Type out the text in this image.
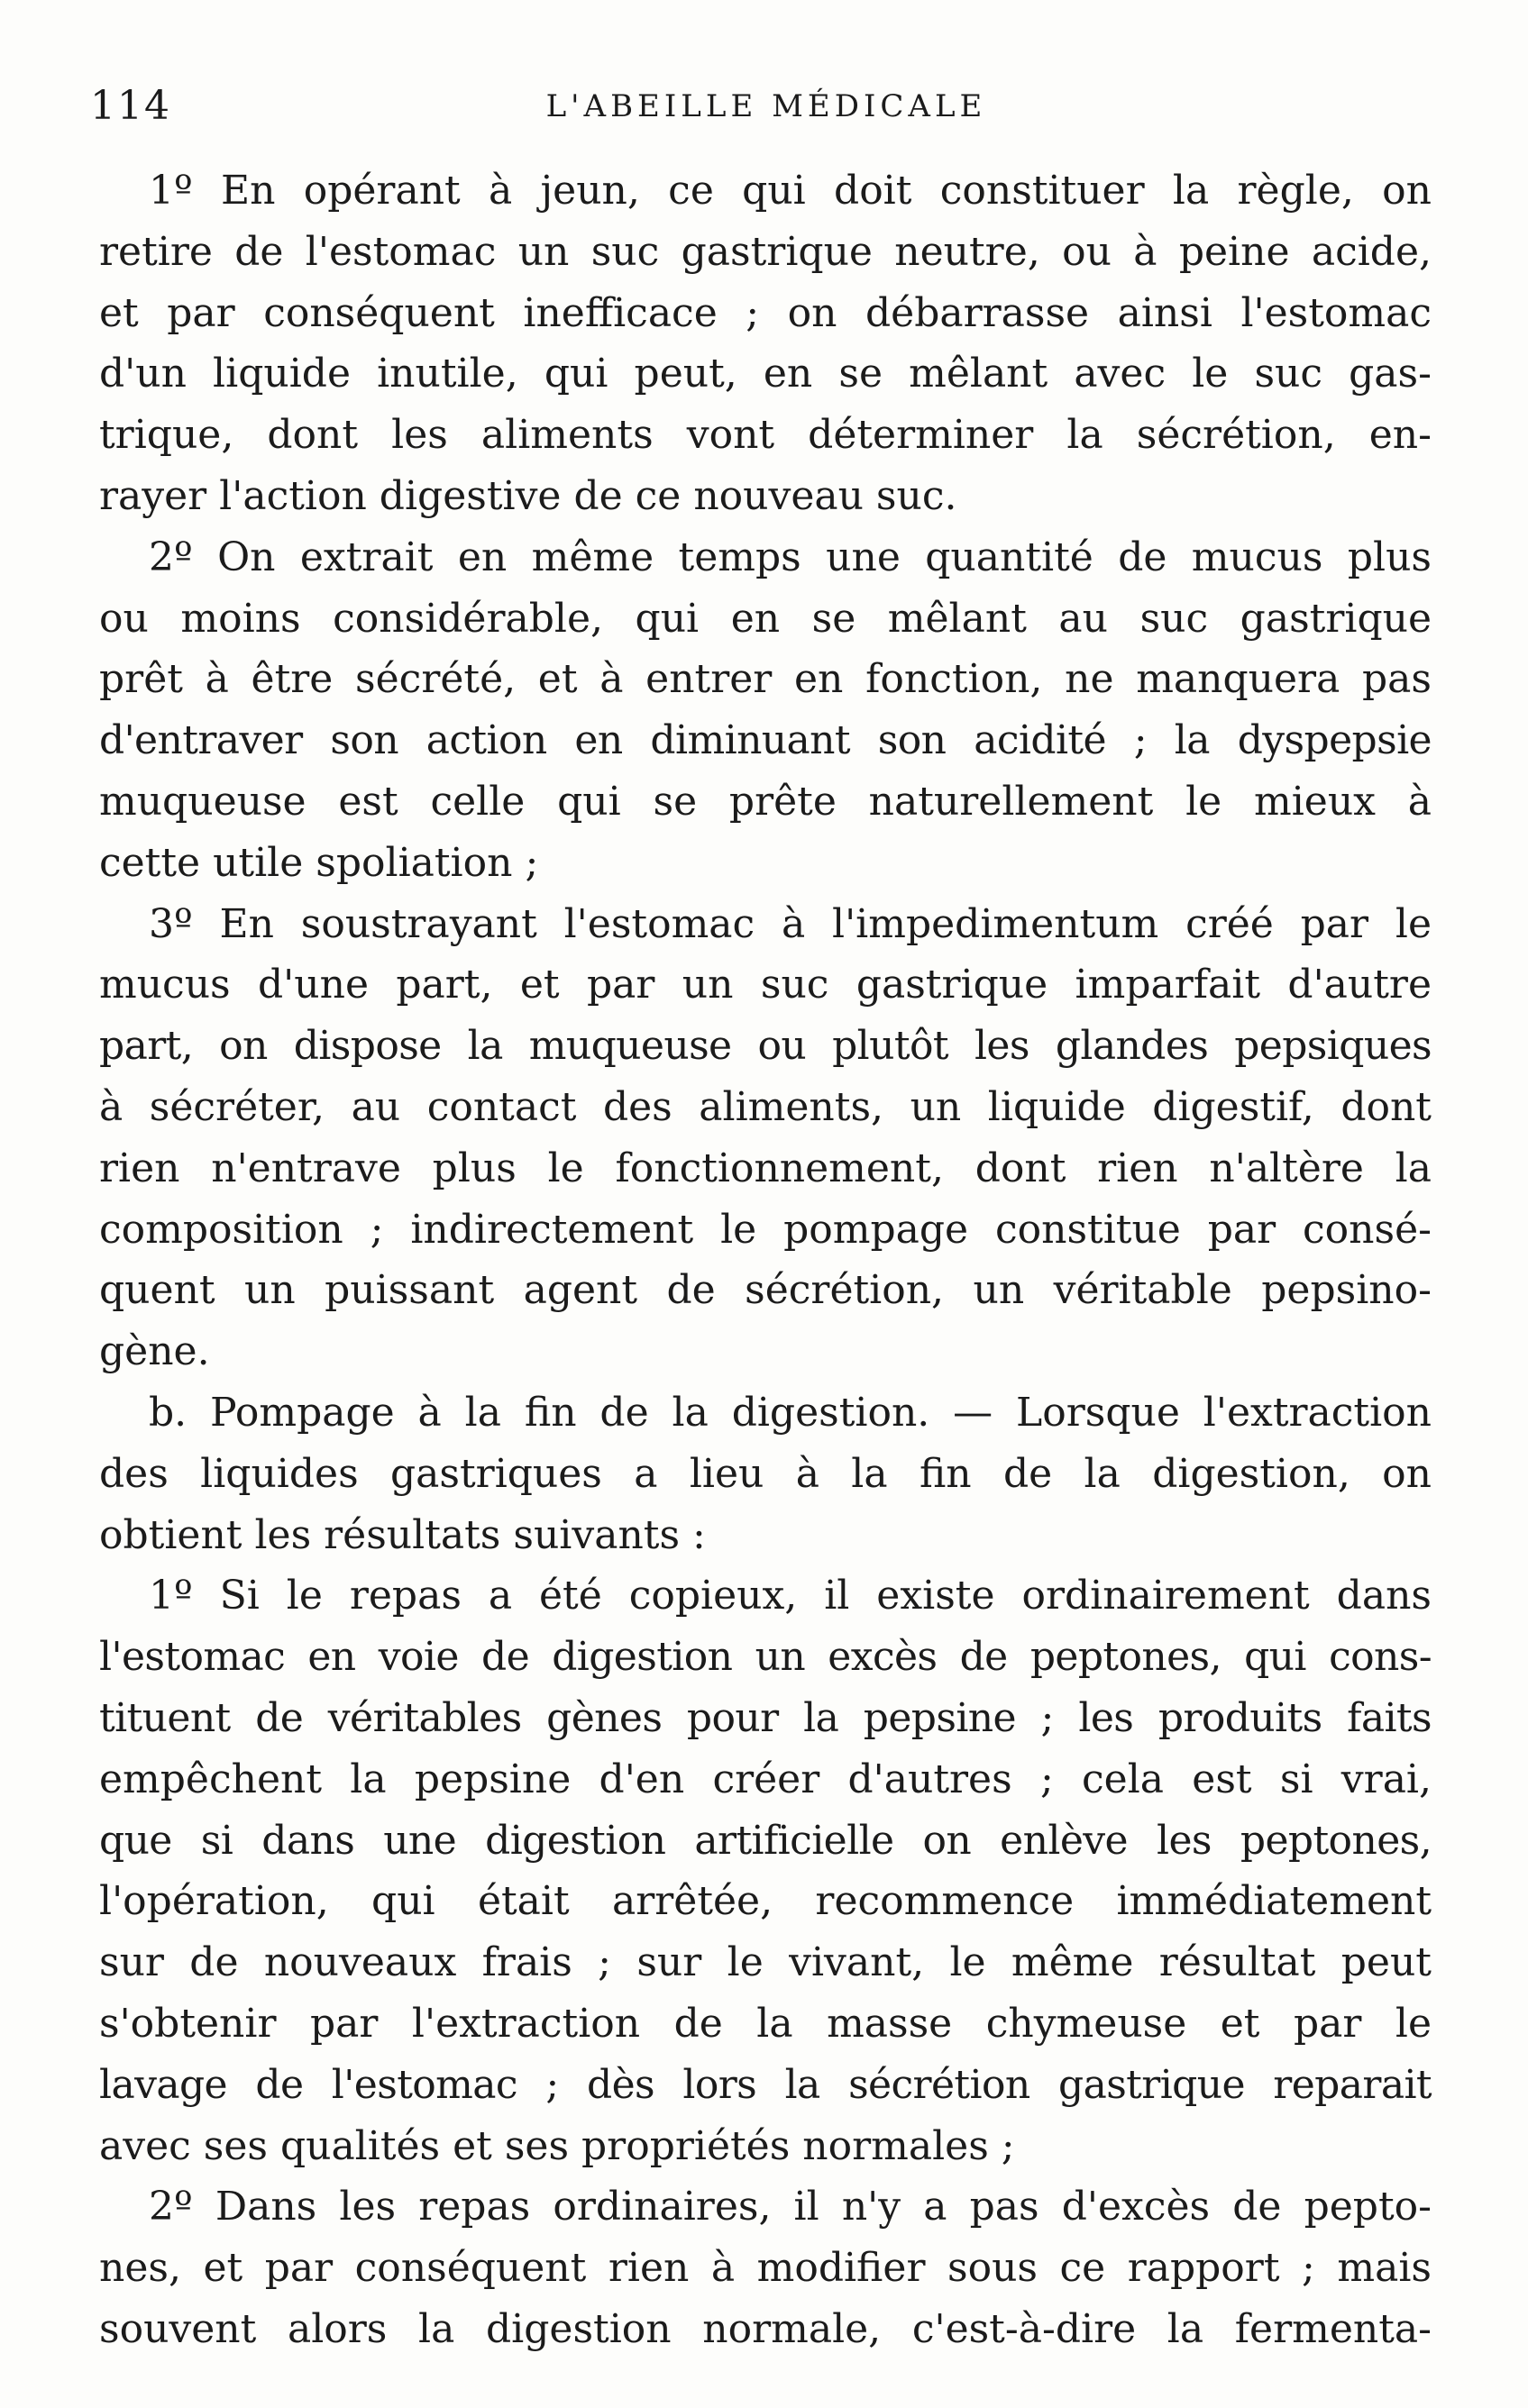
114	L'ABEILLE MÉDICALE
1º En opérant à jeun, ce qui doit constituer la règle, on
retire de l'estomac un suc gastrique neutre, ou à peine acide,
et par conséquent inefficace ; on débarrasse ainsi l'estomac
d'un liquide inutile, qui peut, en se mêlant avec le suc gas-
trique, dont les aliments vont déterminer la sécrétion, en-
rayer l'action digestive de ce nouveau suc.
2º On extrait en même temps une quantité de mucus plus
ou moins considérable, qui en se mêlant au suc gastrique
prêt à être sécrété, et à entrer en fonction, ne manquera pas
d'entraver son action en diminuant son acidité ; la dyspepsie
muqueuse est celle qui se prête naturellement le mieux à
cette utile spoliation ;
3º En soustrayant l'estomac à l'impedimentum créé par le
mucus d'une part, et par un suc gastrique imparfait d'autre
part, on dispose la muqueuse ou plutôt les glandes pepsiques
à sécréter, au contact des aliments, un liquide digestif, dont
rien n'entrave plus le fonctionnement, dont rien n'altère la
composition ; indirectement le pompage constitue par consé-
quent un puissant agent de sécrétion, un véritable pepsino-
gène.
b. Pompage à la fin de la digestion. — Lorsque l'extraction
des liquides gastriques a lieu à la fin de la digestion, on
obtient les résultats suivants :
1º Si le repas a été copieux, il existe ordinairement dans
l'estomac en voie de digestion un excès de peptones, qui cons-
tituent de véritables gènes pour la pepsine ; les produits faits
empêchent la pepsine d'en créer d'autres ; cela est si vrai,
que si dans une digestion artificielle on enlève les peptones,
l'opération, qui était arrêtée, recommence immédiatement
sur de nouveaux frais ; sur le vivant, le même résultat peut
s'obtenir par l'extraction de la masse chymeuse et par le
lavage de l'estomac ; dès lors la sécrétion gastrique reparait
avec ses qualités et ses propriétés normales ;
2º Dans les repas ordinaires, il n'y a pas d'excès de pepto-
nes, et par conséquent rien à modifier sous ce rapport ; mais
souvent alors la digestion normale, c'est-à-dire la fermenta-
